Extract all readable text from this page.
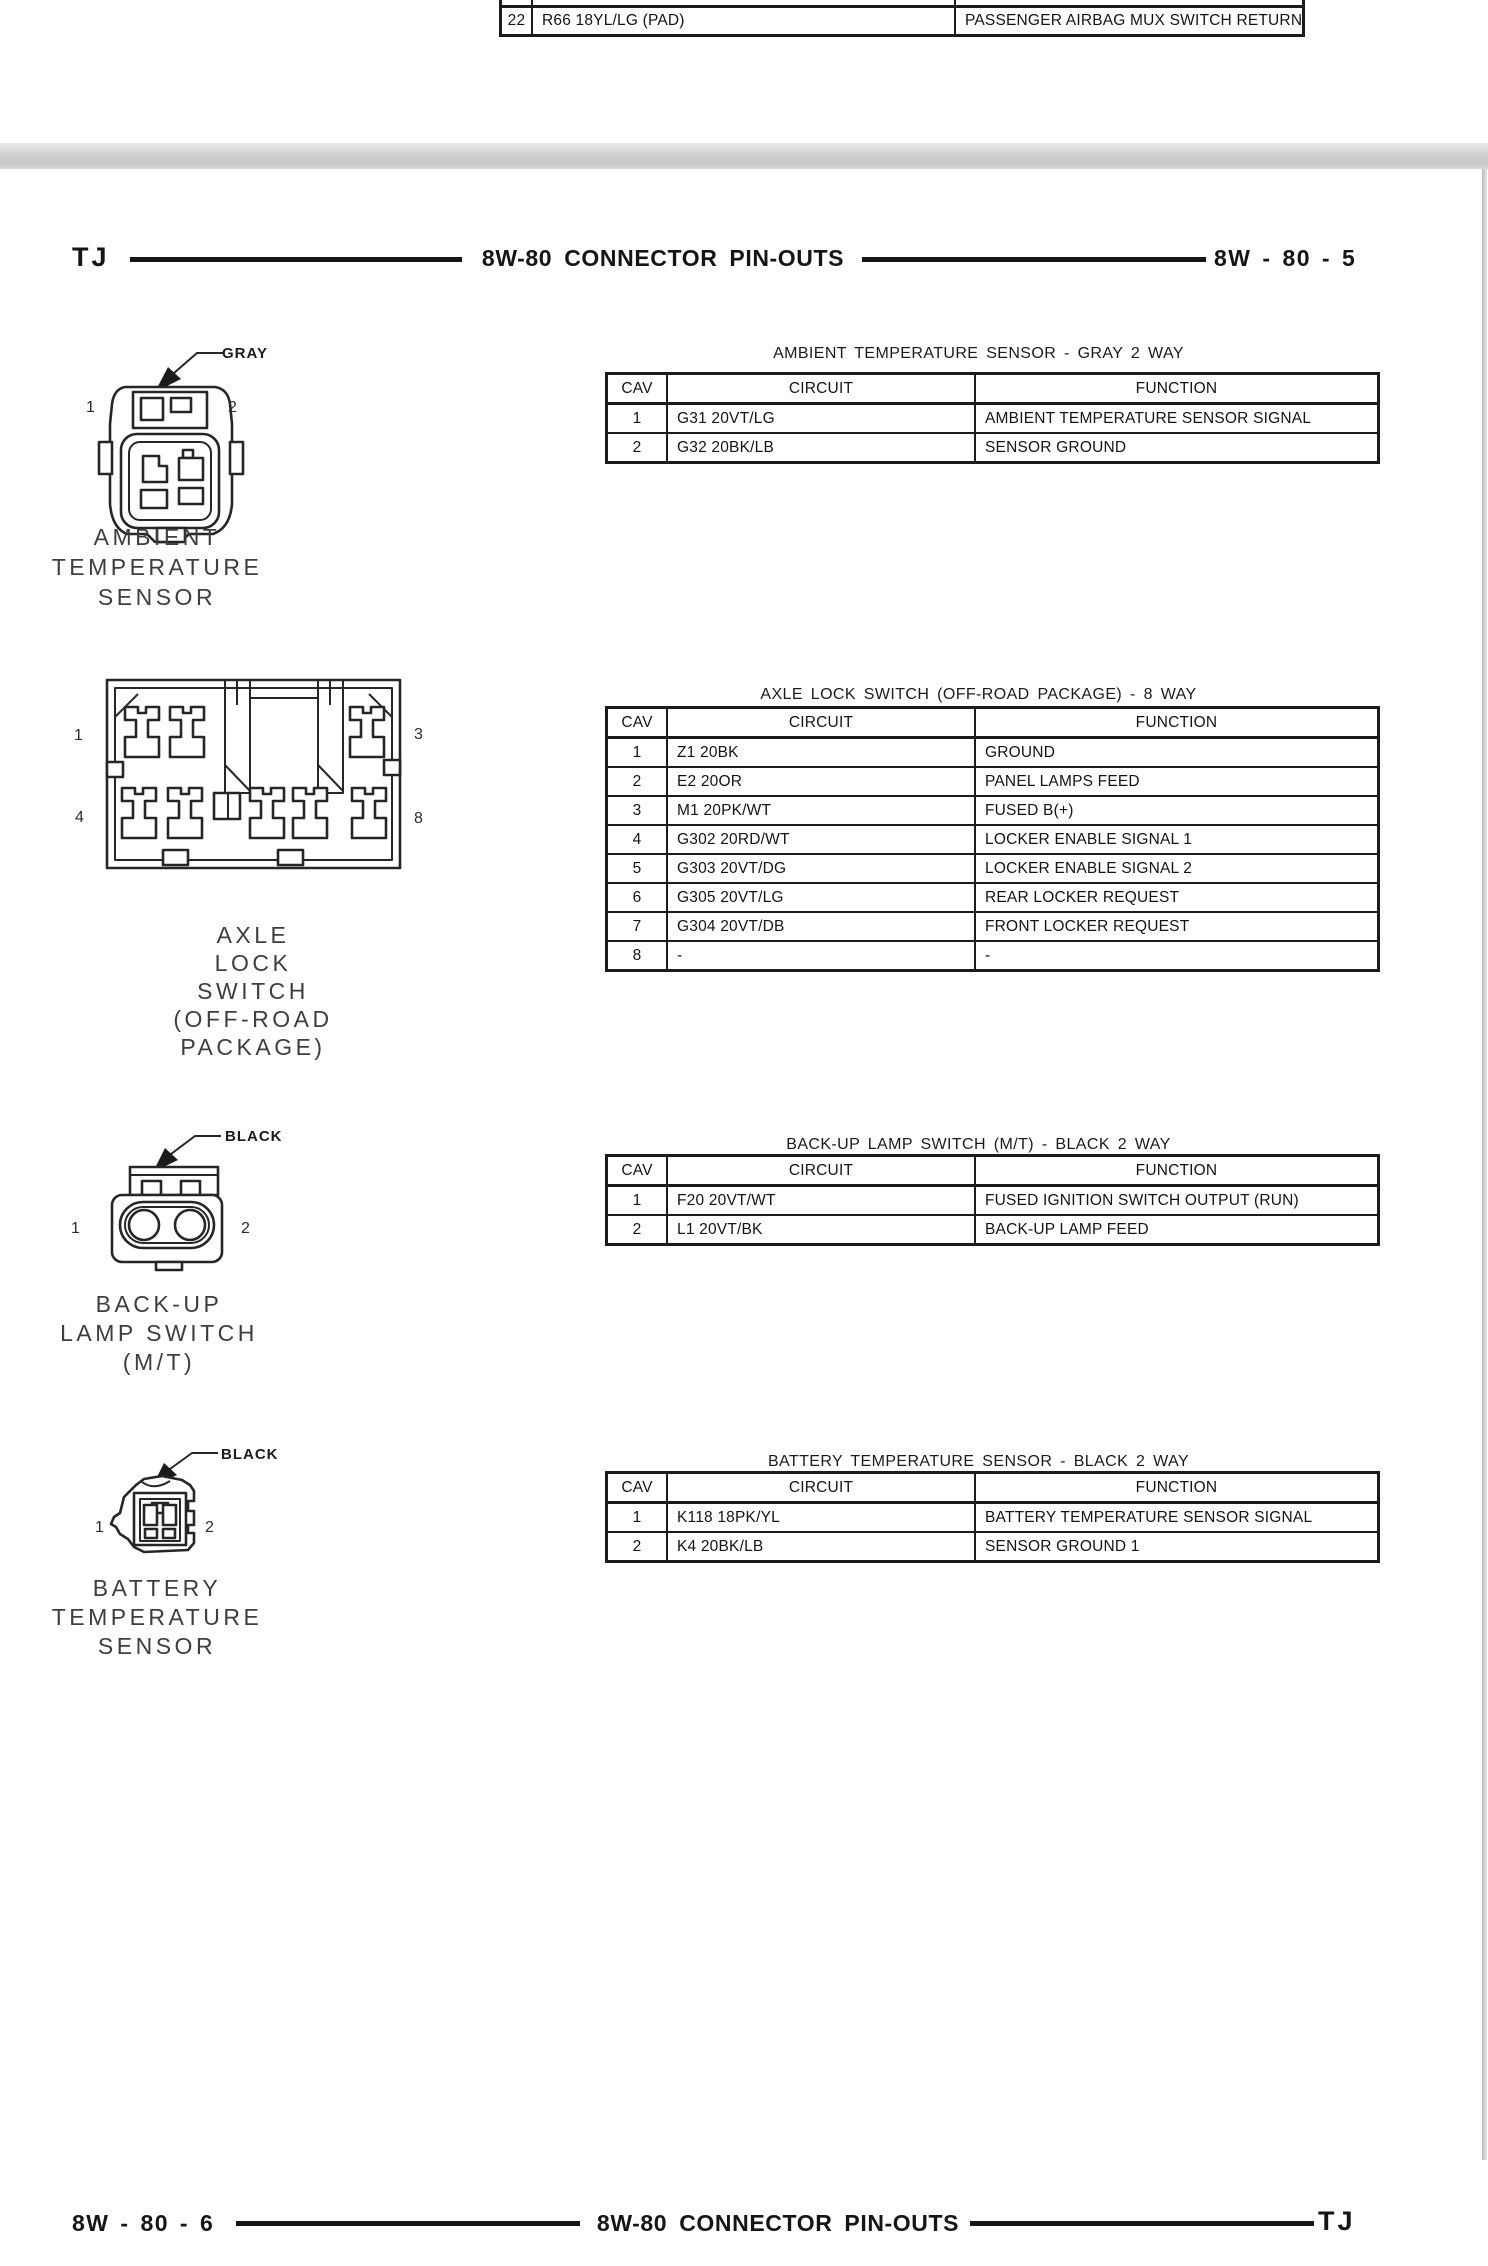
22	R66 18YL/LG (PAD)	PASSENGER AIRBAG MUX SWITCH RETURN
TJ	8W-80 CONNECTOR PIN-OUTS	8W - 80 - 5
GRAY
1	2
AMBIENT
TEMPERATURE
SENSOR
AMBIENT TEMPERATURE SENSOR - GRAY 2 WAY
CAV	CIRCUIT	FUNCTION
1	G31 20VT/LG	AMBIENT TEMPERATURE SENSOR SIGNAL
2	G32 20BK/LB	SENSOR GROUND
1	3
4	8
AXLE
LOCK
SWITCH
(OFF-ROAD
PACKAGE)
AXLE LOCK SWITCH (OFF-ROAD PACKAGE) - 8 WAY
CAV	CIRCUIT	FUNCTION
1	Z1 20BK	GROUND
2	E2 20OR	PANEL LAMPS FEED
3	M1 20PK/WT	FUSED B(+)
4	G302 20RD/WT	LOCKER ENABLE SIGNAL 1
5	G303 20VT/DG	LOCKER ENABLE SIGNAL 2
6	G305 20VT/LG	REAR LOCKER REQUEST
7	G304 20VT/DB	FRONT LOCKER REQUEST
8	-	-
BLACK
1	2
BACK-UP
LAMP SWITCH
(M/T)
BACK-UP LAMP SWITCH (M/T) - BLACK 2 WAY
CAV	CIRCUIT	FUNCTION
1	F20 20VT/WT	FUSED IGNITION SWITCH OUTPUT (RUN)
2	L1 20VT/BK	BACK-UP LAMP FEED
BLACK
1	2
BATTERY
TEMPERATURE
SENSOR
BATTERY TEMPERATURE SENSOR - BLACK 2 WAY
CAV	CIRCUIT	FUNCTION
1	K118 18PK/YL	BATTERY TEMPERATURE SENSOR SIGNAL
2	K4 20BK/LB	SENSOR GROUND 1
8W - 80 - 6	8W-80 CONNECTOR PIN-OUTS	TJ
